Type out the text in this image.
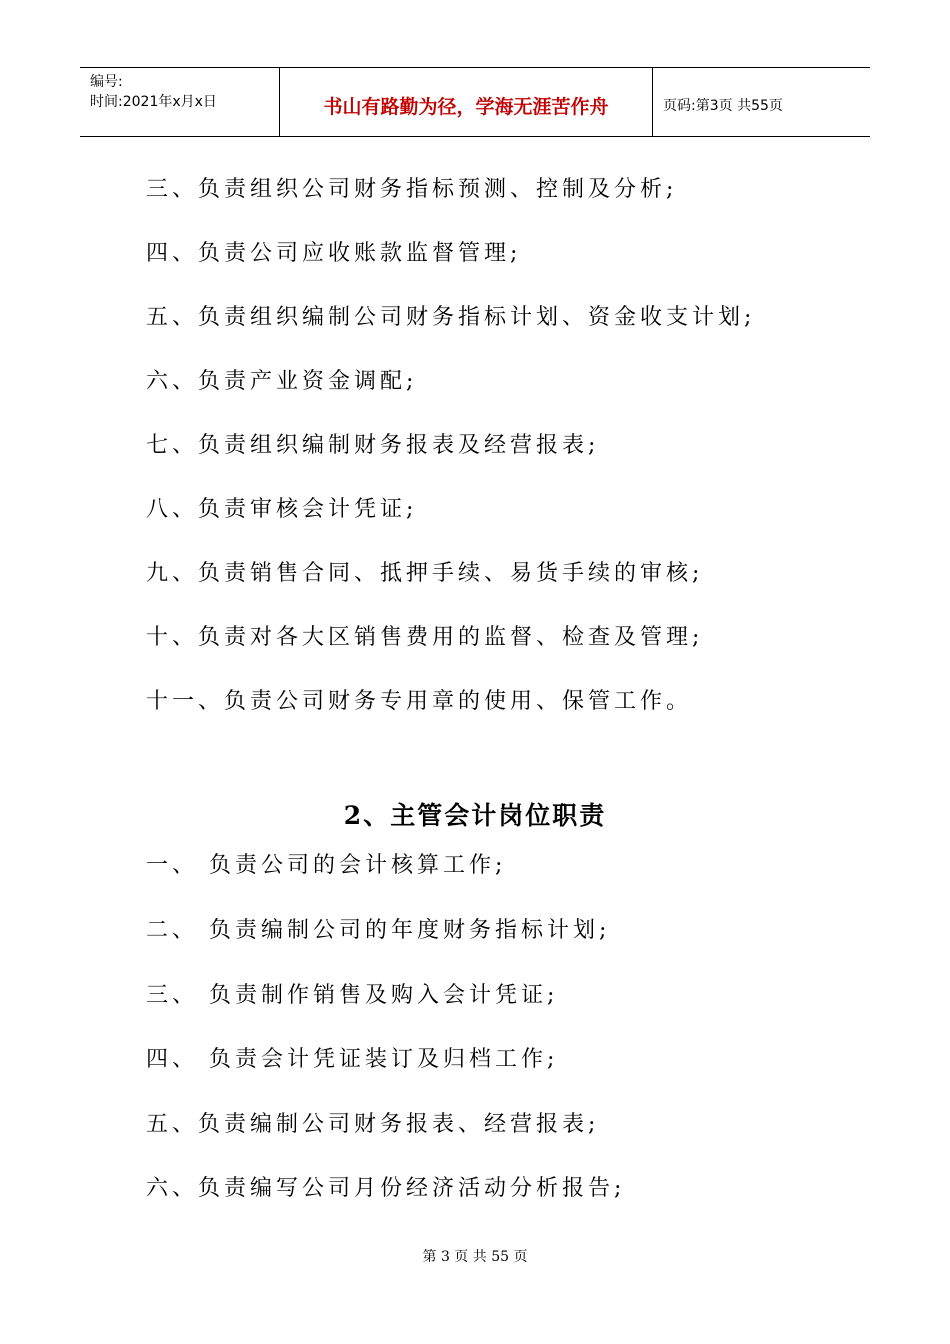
编号:
时间:2021年x月x日	书山有路勤为径，学海无涯苦作舟	页码:第3页 共55页
三、负责组织公司财务指标预测、控制及分析;
四、负责公司应收账款监督管理;
五、负责组织编制公司财务指标计划、资金收支计划;
六、负责产业资金调配;
七、负责组织编制财务报表及经营报表;
八、负责审核会计凭证;
九、负责销售合同、抵押手续、易货手续的审核;
十、负责对各大区销售费用的监督、检查及管理;
十一、负责公司财务专用章的使用、保管工作。
2、主管会计岗位职责
一、 负责公司的会计核算工作;
二、 负责编制公司的年度财务指标计划;
三、 负责制作销售及购入会计凭证;
四、 负责会计凭证装订及归档工作;
五、负责编制公司财务报表、经营报表;
六、负责编写公司月份经济活动分析报告;
第 3 页 共 55 页
